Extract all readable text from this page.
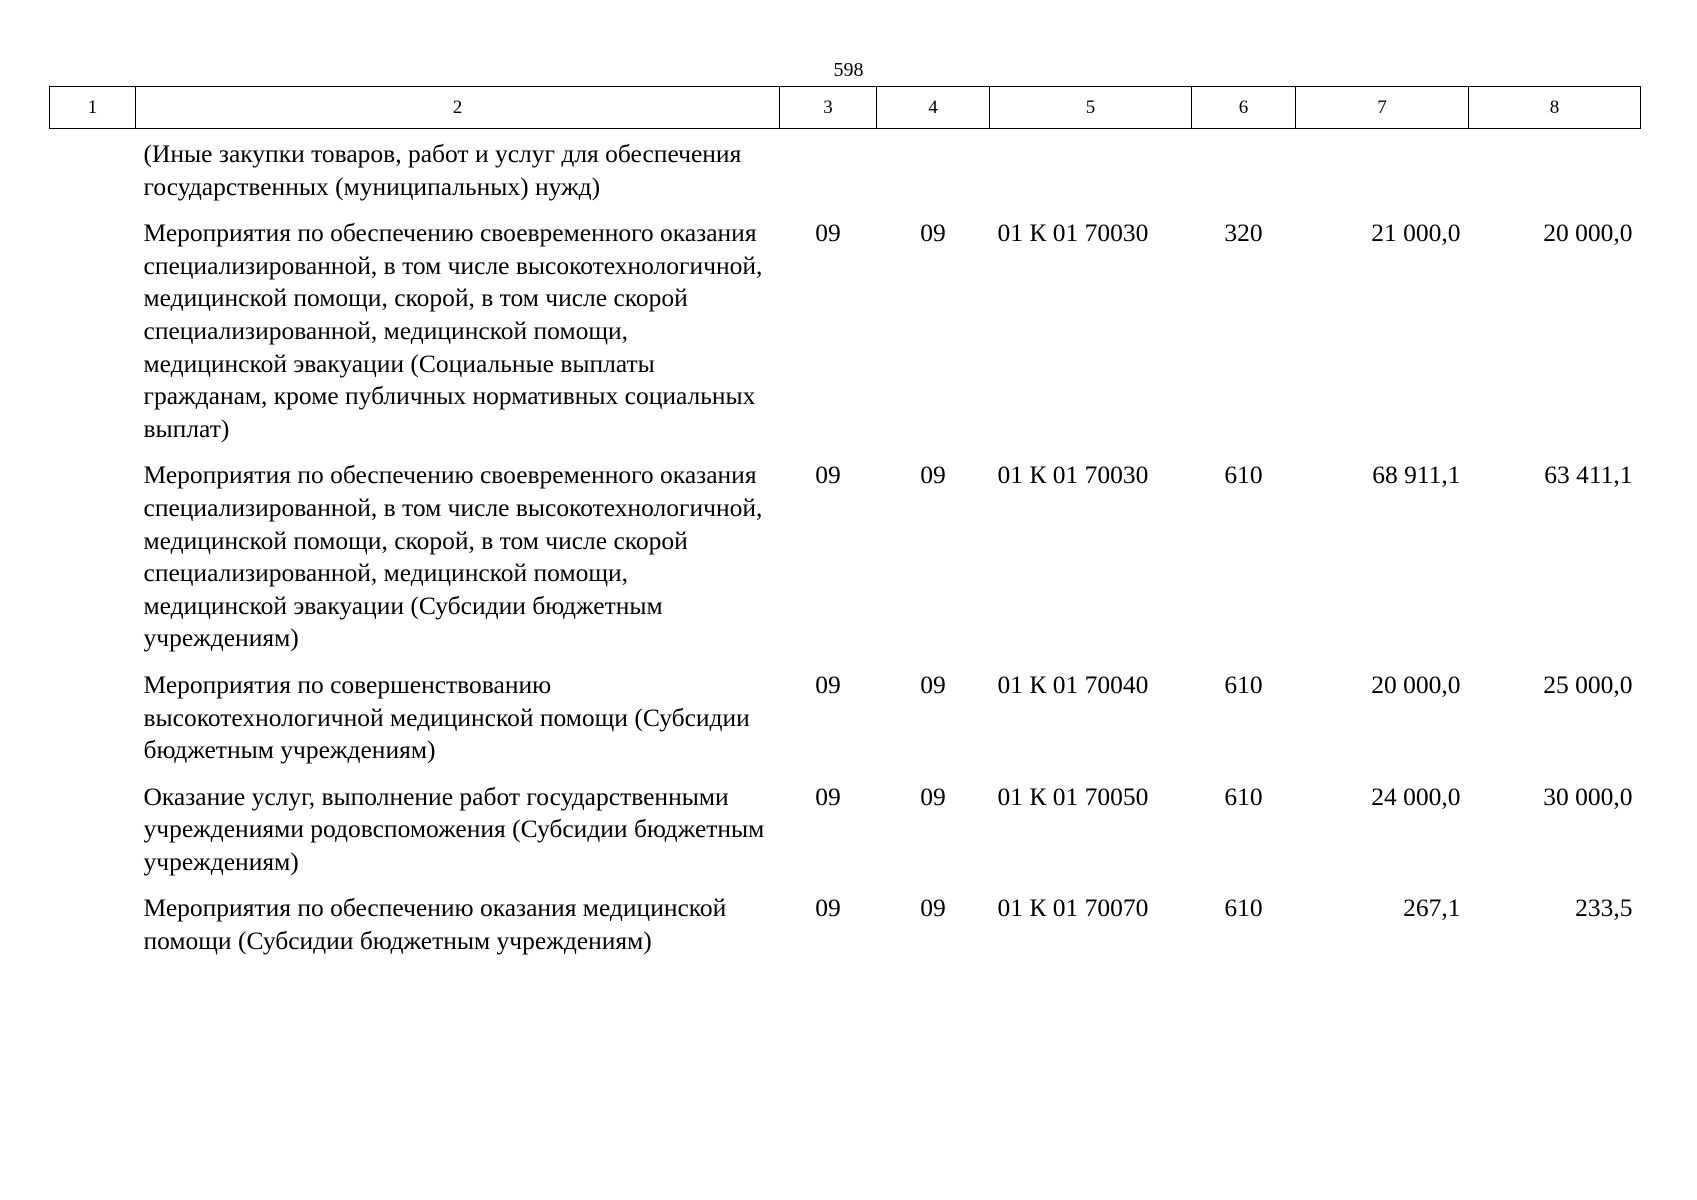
598
1	2	3	4	5	6	7	8
	(Иные закупки товаров, работ и услуг для обеспечения государственных (муниципальных) нужд)						
	Мероприятия по обеспечению своевременного оказания специализированной, в том числе высокотехнологичной, медицинской помощи, скорой, в том числе скорой специализированной, медицинской помощи, медицинской эвакуации (Социальные выплаты гражданам, кроме публичных нормативных социальных выплат)	09	09	01 К 01 70030	320	21 000,0	20 000,0
	Мероприятия по обеспечению своевременного оказания специализированной, в том числе высокотехнологичной, медицинской помощи, скорой, в том числе скорой специализированной, медицинской помощи, медицинской эвакуации (Субсидии бюджетным учреждениям)	09	09	01 К 01 70030	610	68 911,1	63 411,1
	Мероприятия по совершенствованию высокотехнологичной медицинской помощи (Субсидии бюджетным учреждениям)	09	09	01 К 01 70040	610	20 000,0	25 000,0
	Оказание услуг, выполнение работ государственными учреждениями родовспоможения (Субсидии бюджетным учреждениям)	09	09	01 К 01 70050	610	24 000,0	30 000,0
	Мероприятия по обеспечению оказания медицинской помощи (Субсидии бюджетным учреждениям)	09	09	01 К 01 70070	610	267,1	233,5
